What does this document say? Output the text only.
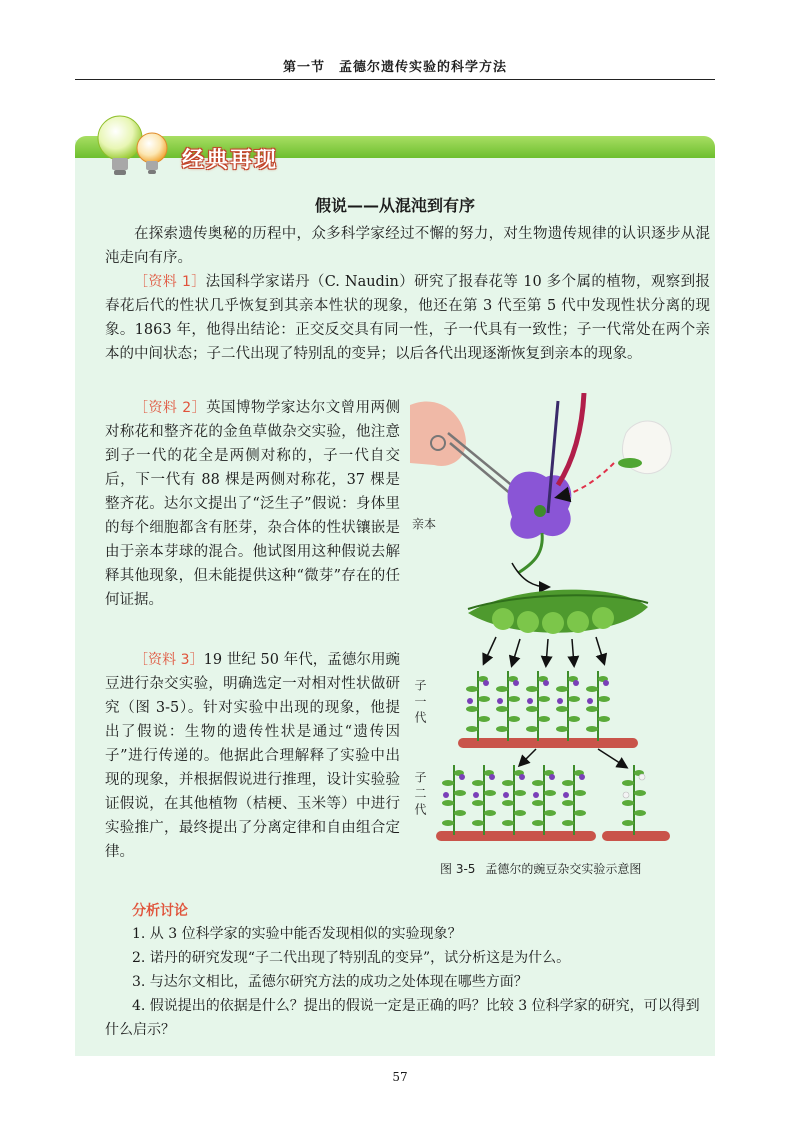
第一节　孟德尔遗传实验的科学方法
经典再现
假说——从混沌到有序

在探索遗传奥秘的历程中，众多科学家经过不懈的努力，对生物遗传规律的认识逐步从混沌走向有序。

［资料 1］法国科学家诺丹（C. Naudin）研究了报春花等 10 多个属的植物，观察到报春花后代的性状几乎恢复到其亲本性状的现象，他还在第 3 代至第 5 代中发现性状分离的现象。1863 年，他得出结论：正交反交具有同一性，子一代具有一致性；子一代常处在两个亲本的中间状态；子二代出现了特别乱的变异；以后各代出现逐渐恢复到亲本的现象。

［资料 2］英国博物学家达尔文曾用两侧对称花和整齐花的金鱼草做杂交实验，他注意到子一代的花全是两侧对称的，子一代自交后，下一代有 88 棵是两侧对称花，37 棵是整齐花。达尔文提出了“泛生子”假说：身体里的每个细胞都含有胚芽，杂合体的性状镶嵌是由于亲本芽球的混合。他试图用这种假说去解释其他现象，但未能提供这种“微芽”存在的任何证据。

［资料 3］19 世纪 50 年代，孟德尔用豌豆进行杂交实验，明确选定一对相对性状做研究（图 3-5）。针对实验中出现的现象，他提出了假说：生物的遗传性状是通过“遗传因子”进行传递的。他据此合理解释了实验中出现的现象，并根据假说进行推理，设计实验验证假说，在其他植物（桔梗、玉米等）中进行实验推广，最终提出了分离定律和自由组合定律。

亲本
子一代
子二代
图 3-5 孟德尔的豌豆杂交实验示意图
分析讨论

1. 从 3 位科学家的实验中能否发现相似的实验现象？

2. 诺丹的研究发现“子二代出现了特别乱的变异”，试分析这是为什么。

3. 与达尔文相比，孟德尔研究方法的成功之处体现在哪些方面？

4. 假说提出的依据是什么？提出的假说一定是正确的吗？比较 3 位科学家的研究，可以得到什么启示？

57
